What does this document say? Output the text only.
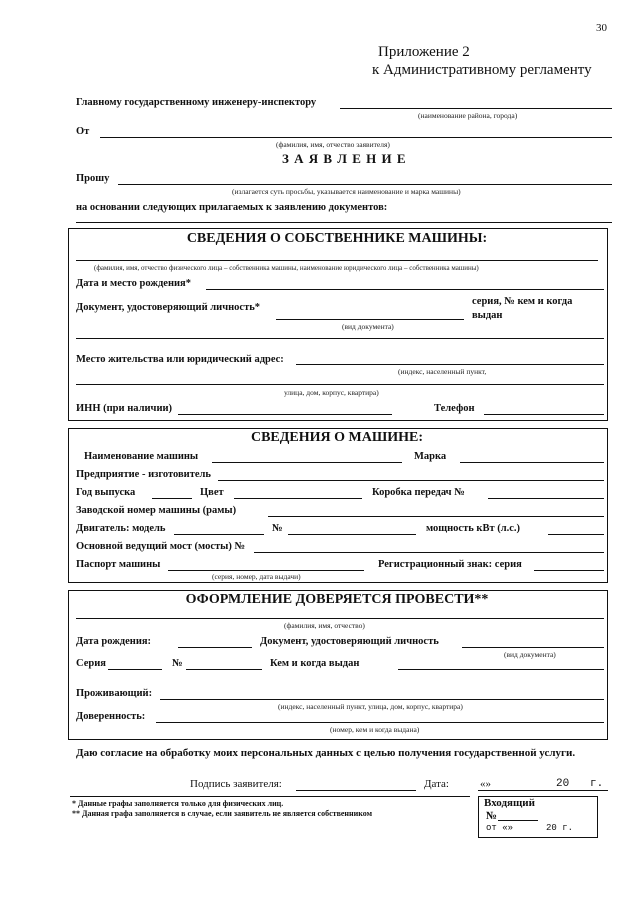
30
Приложение 2
к Административному регламенту
Главному государственному инженеру-инспектору
(наименование района, города)
От
(фамилия, имя, отчество заявителя)
З А Я В Л Е Н И Е
Прошу
(излагается суть просьбы, указывается наименование и марка машины)
на основании следующих прилагаемых к заявлению документов:
СВЕДЕНИЯ О СОБСТВЕННИКЕ МАШИНЫ:
(фамилия, имя, отчество физического лица – собственника машины, наименование юридического лица – собственника машины)
Дата и место рождения*
Документ, удостоверяющий личность*
серия, № кем и когда
выдан
(вид документа)
Место жительства или юридический адрес:
(индекс, населенный пункт,
улица, дом, корпус, квартира)
ИНН (при наличии)	Телефон
СВЕДЕНИЯ О МАШИНЕ:
Наименование машины	Марка
Предприятие - изготовитель
Год выпуска	Цвет	Коробка передач №
Заводской номер машины (рамы)
Двигатель: модель	№	мощность кВт (л.с.)
Основной ведущий мост (мосты) №
Паспорт машины	Регистрационный знак: серия
(серия, номер, дата выдачи)
ОФОРМЛЕНИЕ ДОВЕРЯЕТСЯ ПРОВЕСТИ**
(фамилия, имя, отчество)
Дата рождения:	Документ, удостоверяющий личность
(вид документа)
Серия	№	Кем и когда выдан
Проживающий:
(индекс, населенный пункт, улица, дом, корпус, квартира)
Доверенность:
(номер, кем и когда выдана)
Даю согласие на обработку моих персональных данных с целью получения государственной услуги.
Подпись заявителя:	Дата:	«»	20 г.
* Данные графы заполняется только для физических лиц.
** Данная графа заполняется в случае, если заявитель не является собственником
Входящий
№
от «»	20 г.
